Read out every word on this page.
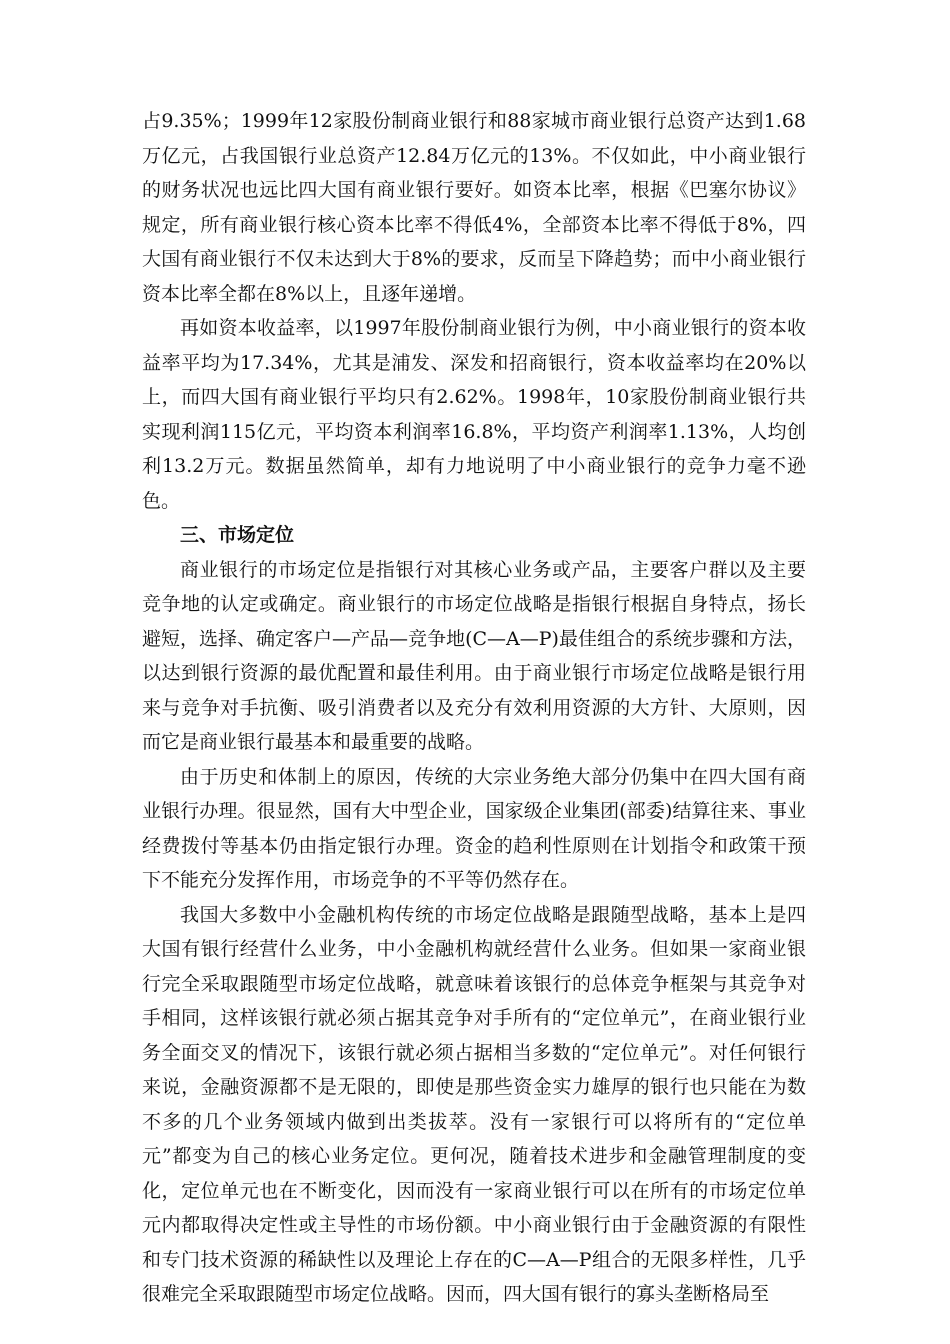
占9.35%；1999年12家股份制商业银行和88家城市商业银行总资产达到1.68万亿元，占我国银行业总资产12.84万亿元的13%。不仅如此，中小商业银行的财务状况也远比四大国有商业银行要好。如资本比率，根据《巴塞尔协议》规定，所有商业银行核心资本比率不得低4%，全部资本比率不得低于8%，四大国有商业银行不仅未达到大于8%的要求，反而呈下降趋势；而中小商业银行资本比率全都在8%以上，且逐年递增。

再如资本收益率，以1997年股份制商业银行为例，中小商业银行的资本收益率平均为17.34%，尤其是浦发、深发和招商银行，资本收益率均在20%以上，而四大国有商业银行平均只有2.62%。1998年，10家股份制商业银行共实现利润115亿元，平均资本利润率16.8%，平均资产利润率1.13%，人均创利13.2万元。数据虽然简单，却有力地说明了中小商业银行的竞争力毫不逊色。

三、市场定位

商业银行的市场定位是指银行对其核心业务或产品，主要客户群以及主要竞争地的认定或确定。商业银行的市场定位战略是指银行根据自身特点，扬长避短，选择、确定客户—产品—竞争地(C—A—P)最佳组合的系统步骤和方法，以达到银行资源的最优配置和最佳利用。由于商业银行市场定位战略是银行用来与竞争对手抗衡、吸引消费者以及充分有效利用资源的大方针、大原则，因而它是商业银行最基本和最重要的战略。

由于历史和体制上的原因，传统的大宗业务绝大部分仍集中在四大国有商业银行办理。很显然，国有大中型企业，国家级企业集团(部委)结算往来、事业经费拨付等基本仍由指定银行办理。资金的趋利性原则在计划指令和政策干预下不能充分发挥作用，市场竞争的不平等仍然存在。

我国大多数中小金融机构传统的市场定位战略是跟随型战略，基本上是四大国有银行经营什么业务，中小金融机构就经营什么业务。但如果一家商业银行完全采取跟随型市场定位战略，就意味着该银行的总体竞争框架与其竞争对手相同，这样该银行就必须占据其竞争对手所有的“定位单元”，在商业银行业务全面交叉的情况下，该银行就必须占据相当多数的“定位单元”。对任何银行来说，金融资源都不是无限的，即使是那些资金实力雄厚的银行也只能在为数不多的几个业务领域内做到出类拔萃。没有一家银行可以将所有的“定位单元”都变为自己的核心业务定位。更何况，随着技术进步和金融管理制度的变化，定位单元也在不断变化，因而没有一家商业银行可以在所有的市场定位单元内都取得决定性或主导性的市场份额。中小商业银行由于金融资源的有限性和专门技术资源的稀缺性以及理论上存在的C—A—P组合的无限多样性，几乎很难完全采取跟随型市场定位战略。因而，四大国有银行的寡头垄断格局至
